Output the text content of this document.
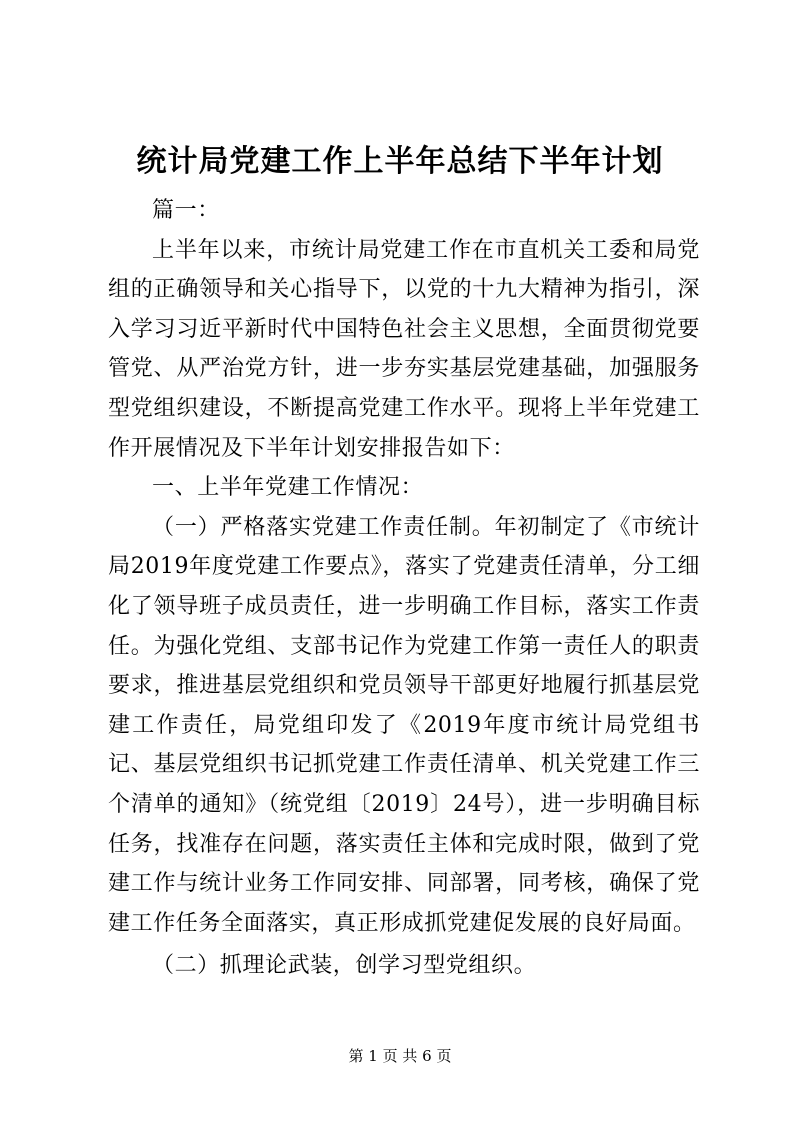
统计局党建工作上半年总结下半年计划

篇一：

上半年以来，市统计局党建工作在市直机关工委和局党组的正确领导和关心指导下，以党的十九大精神为指引，深入学习习近平新时代中国特色社会主义思想，全面贯彻党要管党、从严治党方针，进一步夯实基层党建基础，加强服务型党组织建设，不断提高党建工作水平。现将上半年党建工作开展情况及下半年计划安排报告如下：

一、上半年党建工作情况：

（一）严格落实党建工作责任制。年初制定了《市统计局2019年度党建工作要点》，落实了党建责任清单，分工细化了领导班子成员责任，进一步明确工作目标，落实工作责任。为强化党组、支部书记作为党建工作第一责任人的职责要求，推进基层党组织和党员领导干部更好地履行抓基层党建工作责任，局党组印发了《2019年度市统计局党组书记、基层党组织书记抓党建工作责任清单、机关党建工作三个清单的通知》（统党组〔2019〕24号），进一步明确目标任务，找准存在问题，落实责任主体和完成时限，做到了党建工作与统计业务工作同安排、同部署，同考核，确保了党建工作任务全面落实，真正形成抓党建促发展的良好局面。

（二）抓理论武装，创学习型党组织。

第 1 页 共 6 页
